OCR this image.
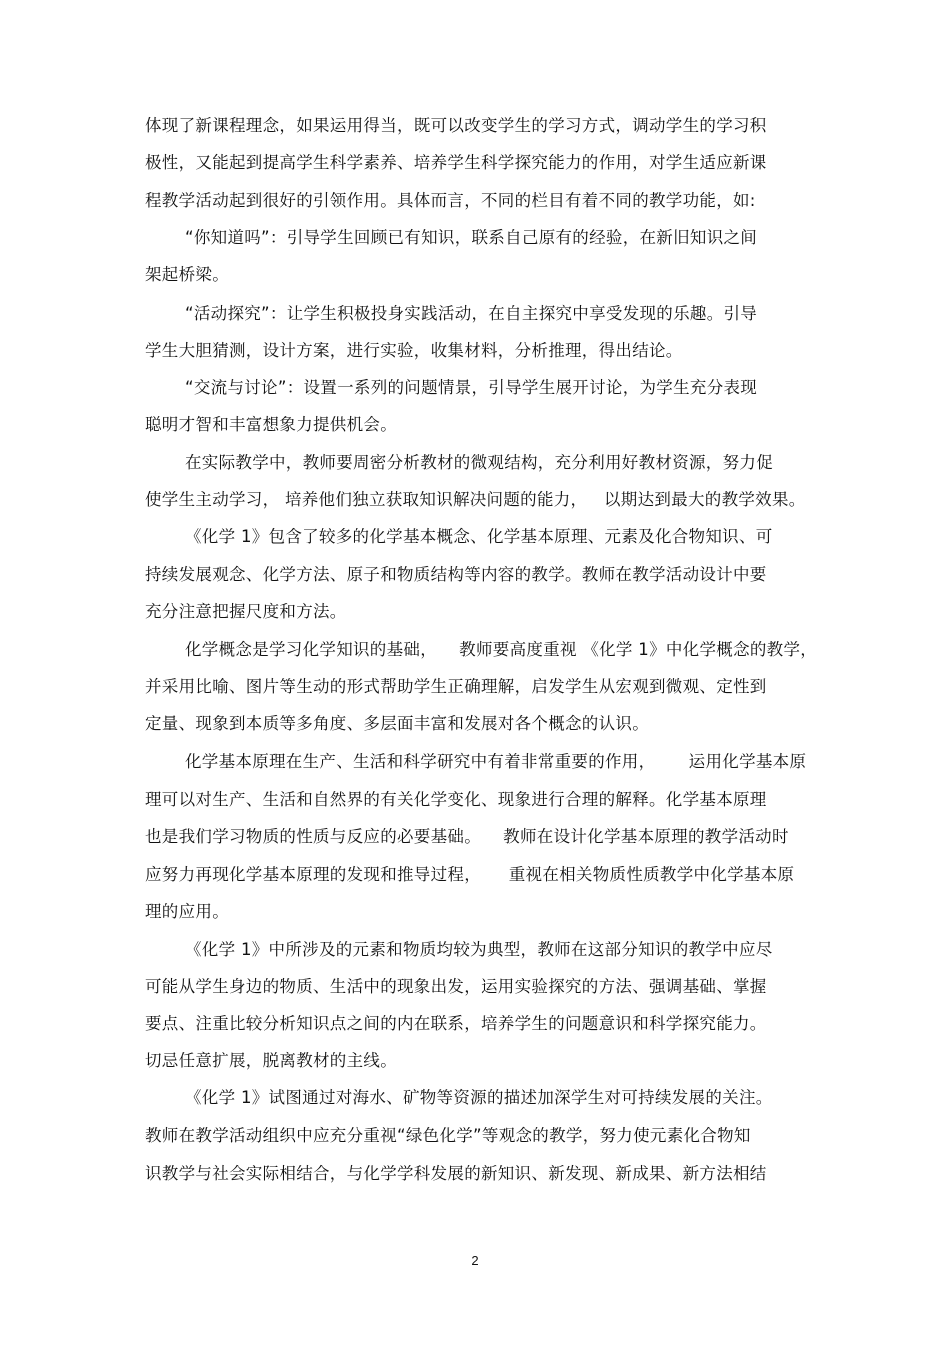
体现了新课程理念，如果运用得当，既可以改变学生的学习方式，调动学生的学习积
极性，又能起到提高学生科学素养、培养学生科学探究能力的作用，对学生适应新课
程教学活动起到很好的引领作用。具体而言，不同的栏目有着不同的教学功能，如:
“你知道吗”：引导学生回顾已有知识，联系自己原有的经验，在新旧知识之间
架起桥梁。
“活动探究”：让学生积极投身实践活动，在自主探究中享受发现的乐趣。引导
学生大胆猜测，设计方案，进行实验，收集材料，分析推理，得出结论。
“交流与讨论”：设置一系列的问题情景，引导学生展开讨论，为学生充分表现
聪明才智和丰富想象力提供机会。
在实际教学中，教师要周密分析教材的微观结构，充分利用好教材资源，努力促
使学生主动学习， 培养他们独立获取知识解决问题的能力，   以期达到最大的教学效果。
《化学 1》包含了较多的化学基本概念、化学基本原理、元素及化合物知识、可
持续发展观念、化学方法、原子和物质结构等内容的教学。教师在教学活动设计中要
充分注意把握尺度和方法。
化学概念是学习化学知识的基础，    教师要高度重视 《化学 1》中化学概念的教学，
并采用比喻、图片等生动的形式帮助学生正确理解，启发学生从宏观到微观、定性到
定量、现象到本质等多角度、多层面丰富和发展对各个概念的认识。
化学基本原理在生产、生活和科学研究中有着非常重要的作用，      运用化学基本原
理可以对生产、生活和自然界的有关化学变化、现象进行合理的解释。化学基本原理
也是我们学习物质的性质与反应的必要基础。    教师在设计化学基本原理的教学活动时
应努力再现化学基本原理的发现和推导过程，     重视在相关物质性质教学中化学基本原
理的应用。
《化学 1》中所涉及的元素和物质均较为典型，教师在这部分知识的教学中应尽
可能从学生身边的物质、生活中的现象出发，运用实验探究的方法、强调基础、掌握
要点、注重比较分析知识点之间的内在联系，培养学生的问题意识和科学探究能力。
切忌任意扩展，脱离教材的主线。
《化学 1》试图通过对海水、矿物等资源的描述加深学生对可持续发展的关注。
教师在教学活动组织中应充分重视“绿色化学”等观念的教学，努力使元素化合物知
识教学与社会实际相结合，与化学学科发展的新知识、新发现、新成果、新方法相结
2
